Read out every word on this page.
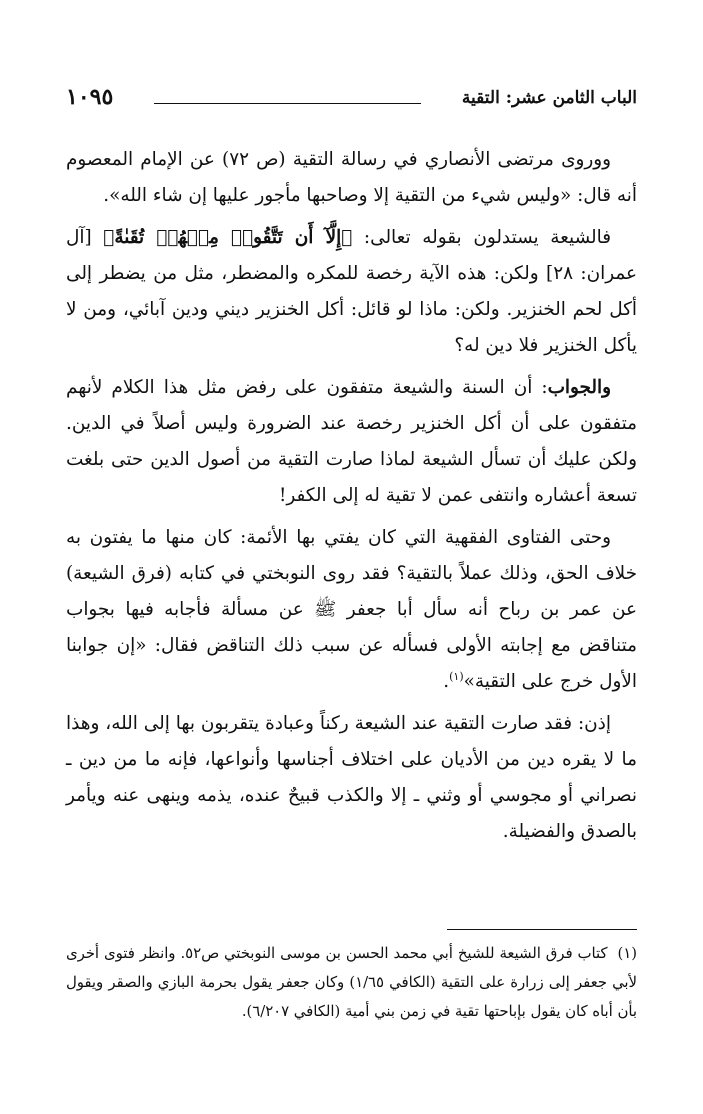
الباب الثامن عشر: التقية
١٠٩٥

ووروى مرتضى الأنصاري في رسالة التقية (ص ٧٢) عن الإمام المعصوم أنه قال: «وليس شيء من التقية إلا وصاحبها مأجور عليها إن شاء الله».

فالشيعة يستدلون بقوله تعالى: ﴿إِلَّآ أَن تَتَّقُوا۟ مِنۡهُمۡ تُقَىٰةً﴾ [آل عمران: ٢٨] ولكن: هذه الآية رخصة للمكره والمضطر، مثل من يضطر إلى أكل لحم الخنزير. ولكن: ماذا لو قائل: أكل الخنزير ديني ودين آبائي، ومن لا يأكل الخنزير فلا دين له؟

والجواب: أن السنة والشيعة متفقون على رفض مثل هذا الكلام لأنهم متفقون على أن أكل الخنزير رخصة عند الضرورة وليس أصلاً في الدين. ولكن عليك أن تسأل الشيعة لماذا صارت التقية من أصول الدين حتى بلغت تسعة أعشاره وانتفى عمن لا تقية له إلى الكفر!

وحتى الفتاوى الفقهية التي كان يفتي بها الأئمة: كان منها ما يفتون به خلاف الحق، وذلك عملاً بالتقية؟ فقد روى النوبختي في كتابه (فرق الشيعة) عن عمر بن رباح أنه سأل أبا جعفر ﷺ عن مسألة فأجابه فيها بجواب متناقض مع إجابته الأولى فسأله عن سبب ذلك التناقض فقال: «إن جوابنا الأول خرج على التقية»$^{(١)}$.

إذن: فقد صارت التقية عند الشيعة ركناً وعبادة يتقربون بها إلى الله، وهذا ما لا يقره دين من الأديان على اختلاف أجناسها وأنواعها، فإنه ما من دين ـ نصراني أو مجوسي أو وثني ـ إلا والكذب قبيحٌ عنده، يذمه وينهى عنه ويأمر بالصدق والفضيلة.

(١)كتاب فرق الشيعة للشيخ أبي محمد الحسن بن موسى النوبختي ص٥٢. وانظر فتوى أخرى لأبي جعفر إلى زرارة على التقية (الكافي ١/٦٥) وكان جعفر يقول بحرمة البازي والصقر ويقول بأن أباه كان يقول بإباحتها تقية في زمن بني أمية (الكافي ٦/٢٠٧).
